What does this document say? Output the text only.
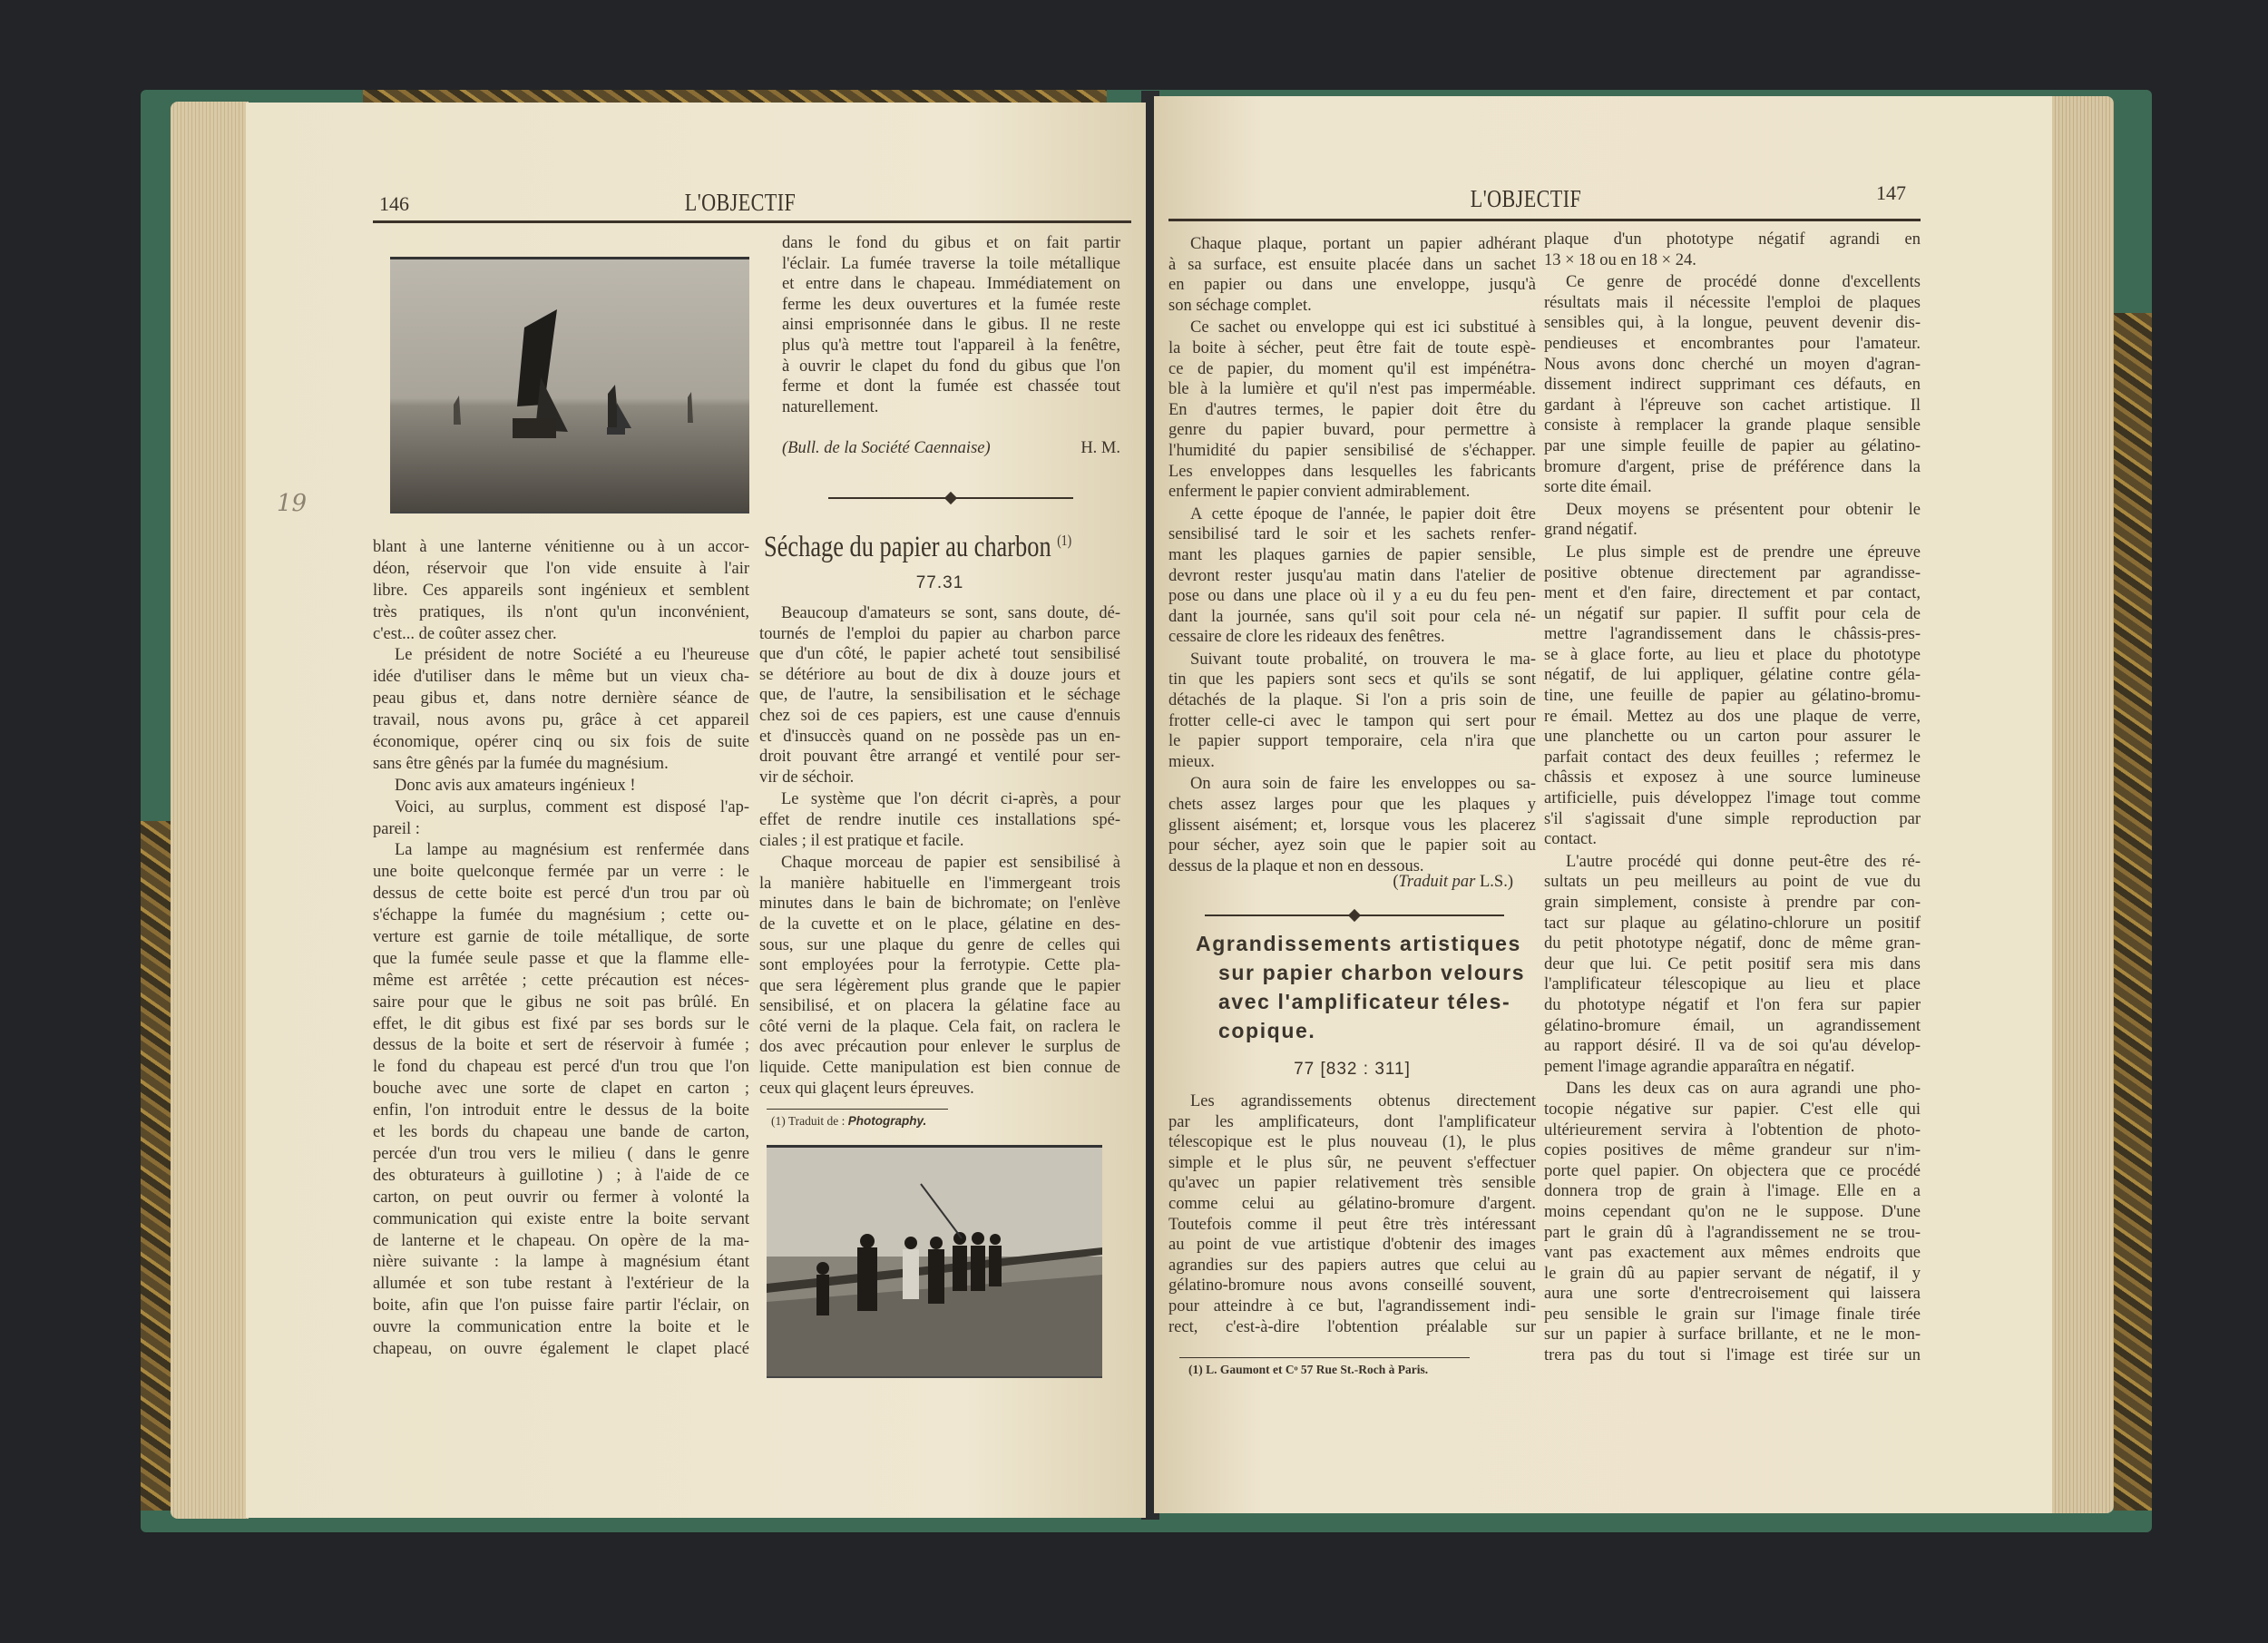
146	L'OBJECTIF
19
blant à une lanterne vénitienne ou à un accor-
déon, réservoir que l'on vide ensuite à l'air
libre. Ces appareils sont ingénieux et semblent
très pratiques, ils n'ont qu'un inconvénient,
c'est... de coûter assez cher.
Le président de notre Société a eu l'heureuse
idée d'utiliser dans le même but un vieux cha-
peau gibus et, dans notre dernière séance de
travail, nous avons pu, grâce à cet appareil
économique, opérer cinq ou six fois de suite
sans être gênés par la fumée du magnésium.
Donc avis aux amateurs ingénieux !
Voici, au surplus, comment est disposé l'ap-
pareil :
La lampe au magnésium est renfermée dans
une boite quelconque fermée par un verre : le
dessus de cette boite est percé d'un trou par où
s'échappe la fumée du magnésium ; cette ou-
verture est garnie de toile métallique, de sorte
que la fumée seule passe et que la flamme elle-
même est arrêtée ; cette précaution est néces-
saire pour que le gibus ne soit pas brûlé. En
effet, le dit gibus est fixé par ses bords sur le
dessus de la boite et sert de réservoir à fumée ;
le fond du chapeau est percé d'un trou que l'on
bouche avec une sorte de clapet en carton ;
enfin, l'on introduit entre le dessus de la boite
et les bords du chapeau une bande de carton,
percée d'un trou vers le milieu ( dans le genre
des obturateurs à guillotine ) ; à l'aide de ce
carton, on peut ouvrir ou fermer à volonté la
communication qui existe entre la boite servant
de lanterne et le chapeau. On opère de la ma-
nière suivante : la lampe à magnésium étant
allumée et son tube restant à l'extérieur de la
boite, afin que l'on puisse faire partir l'éclair, on
ouvre la communication entre la boite et le
chapeau, on ouvre également le clapet placé
dans le fond du gibus et on fait partir
l'éclair. La fumée traverse la toile métallique
et entre dans le chapeau. Immédiatement on
ferme les deux ouvertures et la fumée reste
ainsi emprisonnée dans le gibus. Il ne reste
plus qu'à mettre tout l'appareil à la fenêtre,
à ouvrir le clapet du fond du gibus que l'on
ferme et dont la fumée est chassée tout
naturellement.
(Bull. de la Société Caennaise)	H. M.
Séchage du papier au charbon $^{(1)}$
77.31
Beaucoup d'amateurs se sont, sans doute, dé-
tournés de l'emploi du papier au charbon parce
que d'un côté, le papier acheté tout sensibilisé
se détériore au bout de dix à douze jours et
que, de l'autre, la sensibilisation et le séchage
chez soi de ces papiers, est une cause d'ennuis
et d'insuccès quand on ne possède pas un en-
droit pouvant être arrangé et ventilé pour ser-
vir de séchoir.
Le système que l'on décrit ci-après, a pour
effet de rendre inutile ces installations spé-
ciales ; il est pratique et facile.
Chaque morceau de papier est sensibilisé à
la manière habituelle en l'immergeant trois
minutes dans le bain de bichromate; on l'enlève
de la cuvette et on le place, gélatine en des-
sous, sur une plaque du genre de celles qui
sont employées pour la ferrotypie. Cette pla-
que sera légèrement plus grande que le papier
sensibilisé, et on placera la gélatine face au
côté verni de la plaque. Cela fait, on raclera le
dos avec précaution pour enlever le surplus de
liquide. Cette manipulation est bien connue de
ceux qui glaçent leurs épreuves.
(1) Traduit de : Photography.
L'OBJECTIF	147
Chaque plaque, portant un papier adhérant
à sa surface, est ensuite placée dans un sachet
en papier ou dans une enveloppe, jusqu'à
son séchage complet.
Ce sachet ou enveloppe qui est ici substitué à
la boite à sécher, peut être fait de toute espè-
ce de papier, du moment qu'il est impénétra-
ble à la lumière et qu'il n'est pas imperméable.
En d'autres termes, le papier doit être du
genre du papier buvard, pour permettre à
l'humidité du papier sensibilisé de s'échapper.
Les enveloppes dans lesquelles les fabricants
enferment le papier convient admirablement.
A cette époque de l'année, le papier doit être
sensibilisé tard le soir et les sachets renfer-
mant les plaques garnies de papier sensible,
devront rester jusqu'au matin dans l'atelier de
pose ou dans une place où il y a eu du feu pen-
dant la journée, sans qu'il soit pour cela né-
cessaire de clore les rideaux des fenêtres.
Suivant toute probalité, on trouvera le ma-
tin que les papiers sont secs et qu'ils se sont
détachés de la plaque. Si l'on a pris soin de
frotter celle-ci avec le tampon qui sert pour
le papier support temporaire, cela n'ira que
mieux.
On aura soin de faire les enveloppes ou sa-
chets assez larges pour que les plaques y
glissent aisément; et, lorsque vous les placerez
pour sécher, ayez soin que le papier soit au
dessus de la plaque et non en dessous.
(Traduit par L.S.)
Agrandissements artistiques
sur papier charbon velours
avec l'amplificateur téles-
copique.
77 [832 : 311]
Les agrandissements obtenus directement
par les amplificateurs, dont l'amplificateur
télescopique est le plus nouveau (1), le plus
simple et le plus sûr, ne peuvent s'effectuer
qu'avec un papier relativement très sensible
comme celui au gélatino-bromure d'argent.
Toutefois comme il peut être très intéressant
au point de vue artistique d'obtenir des images
agrandies sur des papiers autres que celui au
gélatino-bromure nous avons conseillé souvent,
pour atteindre à ce but, l'agrandissement indi-
rect, c'est-à-dire l'obtention préalable sur
(1) L. Gaumont et Cᵒ 57 Rue St.-Roch à Paris.
plaque d'un phototype négatif agrandi en
13 × 18 ou en 18 × 24.
Ce genre de procédé donne d'excellents
résultats mais il nécessite l'emploi de plaques
sensibles qui, à la longue, peuvent devenir dis-
pendieuses et encombrantes pour l'amateur.
Nous avons donc cherché un moyen d'agran-
dissement indirect supprimant ces défauts, en
gardant à l'épreuve son cachet artistique. Il
consiste à remplacer la grande plaque sensible
par une simple feuille de papier au gélatino-
bromure d'argent, prise de préférence dans la
sorte dite émail.
Deux moyens se présentent pour obtenir le
grand négatif.
Le plus simple est de prendre une épreuve
positive obtenue directement par agrandisse-
ment et d'en faire, directement et par contact,
un négatif sur papier. Il suffit pour cela de
mettre l'agrandissement dans le châssis-pres-
se à glace forte, au lieu et place du phototype
négatif, de lui appliquer, gélatine contre géla-
tine, une feuille de papier au gélatino-bromu-
re émail. Mettez au dos une plaque de verre,
une planchette ou un carton pour assurer le
parfait contact des deux feuilles ; refermez le
châssis et exposez à une source lumineuse
artificielle, puis développez l'image tout comme
s'il s'agissait d'une simple reproduction par
contact.
L'autre procédé qui donne peut-être des ré-
sultats un peu meilleurs au point de vue du
grain simplement, consiste à prendre par con-
tact sur plaque au gélatino-chlorure un positif
du petit phototype négatif, donc de même gran-
deur que lui. Ce petit positif sera mis dans
l'amplificateur télescopique au lieu et place
du phototype négatif et l'on fera sur papier
gélatino-bromure émail, un agrandissement
au rapport désiré. Il va de soi qu'au dévelop-
pement l'image agrandie apparaîtra en négatif.
Dans les deux cas on aura agrandi une pho-
tocopie négative sur papier. C'est elle qui
ultérieurement servira à l'obtention de photo-
copies positives de même grandeur sur n'im-
porte quel papier. On objectera que ce procédé
donnera trop de grain à l'image. Elle en a
moins cependant qu'on ne le suppose. D'une
part le grain dû à l'agrandissement ne se trou-
vant pas exactement aux mêmes endroits que
le grain dû au papier servant de négatif, il y
aura une sorte d'entrecroisement qui laissera
peu sensible le grain sur l'image finale tirée
sur un papier à surface brillante, et ne le mon-
trera pas du tout si l'image est tirée sur un
